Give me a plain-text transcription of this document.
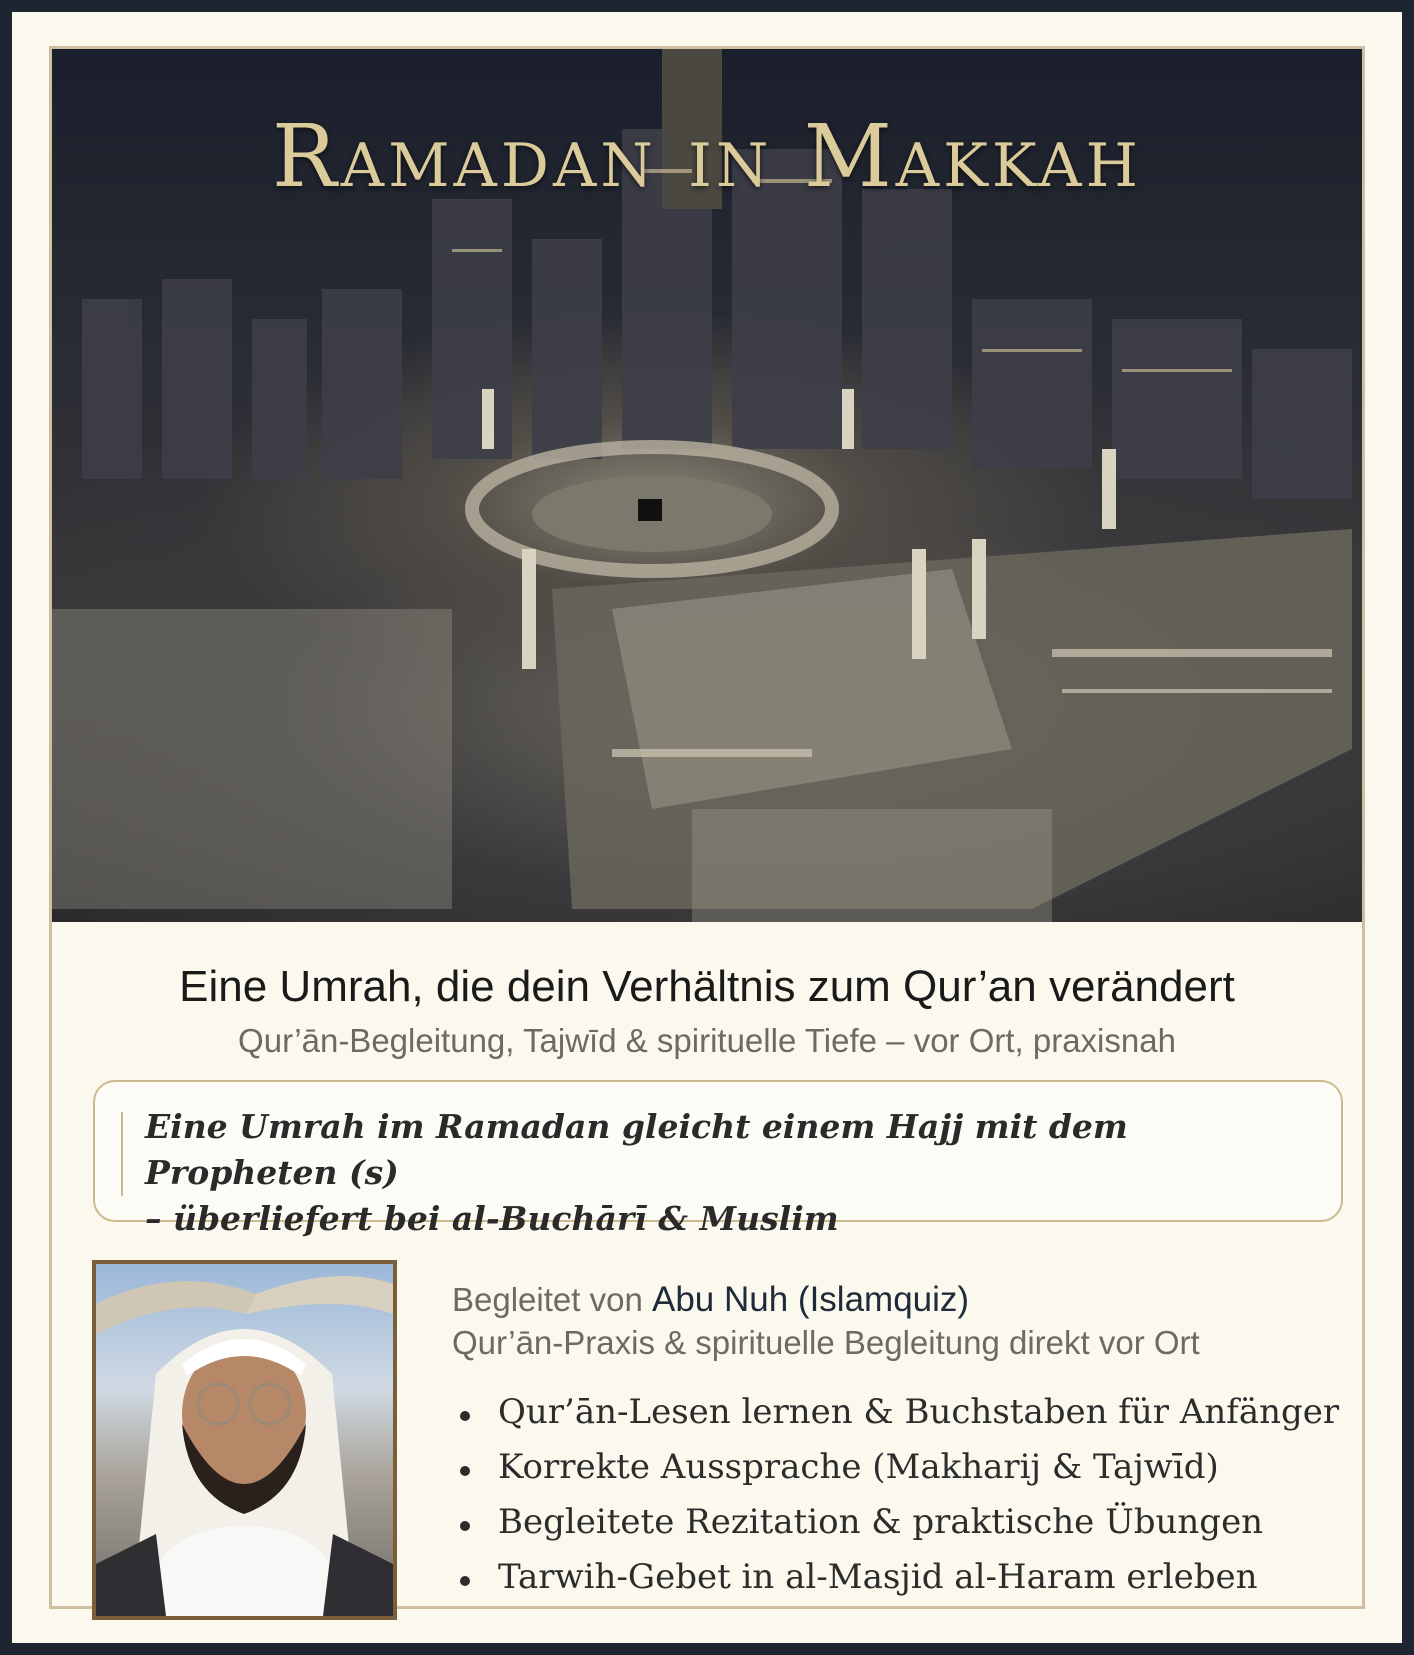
Ramadan in Makkah
Eine Umrah, die dein Verhältnis zum Qur’an verändert
Qur’ān-Begleitung, Tajwīd & spirituelle Tiefe – vor Ort, praxisnah
Eine Umrah im Ramadan gleicht einem Hajj mit dem Propheten (s)
– überliefert bei al-Buchārī & Muslim
Begleitet von Abu Nuh (Islamquiz)
Qur’ān-Praxis & spirituelle Begleitung direkt vor Ort
Qur’ān-Lesen lernen & Buchstaben für Anfänger
Korrekte Aussprache (Makharij & Tajwīd)
Begleitete Rezitation & praktische Übungen
Tarwih-Gebet in al-Masjid al-Haram erleben
